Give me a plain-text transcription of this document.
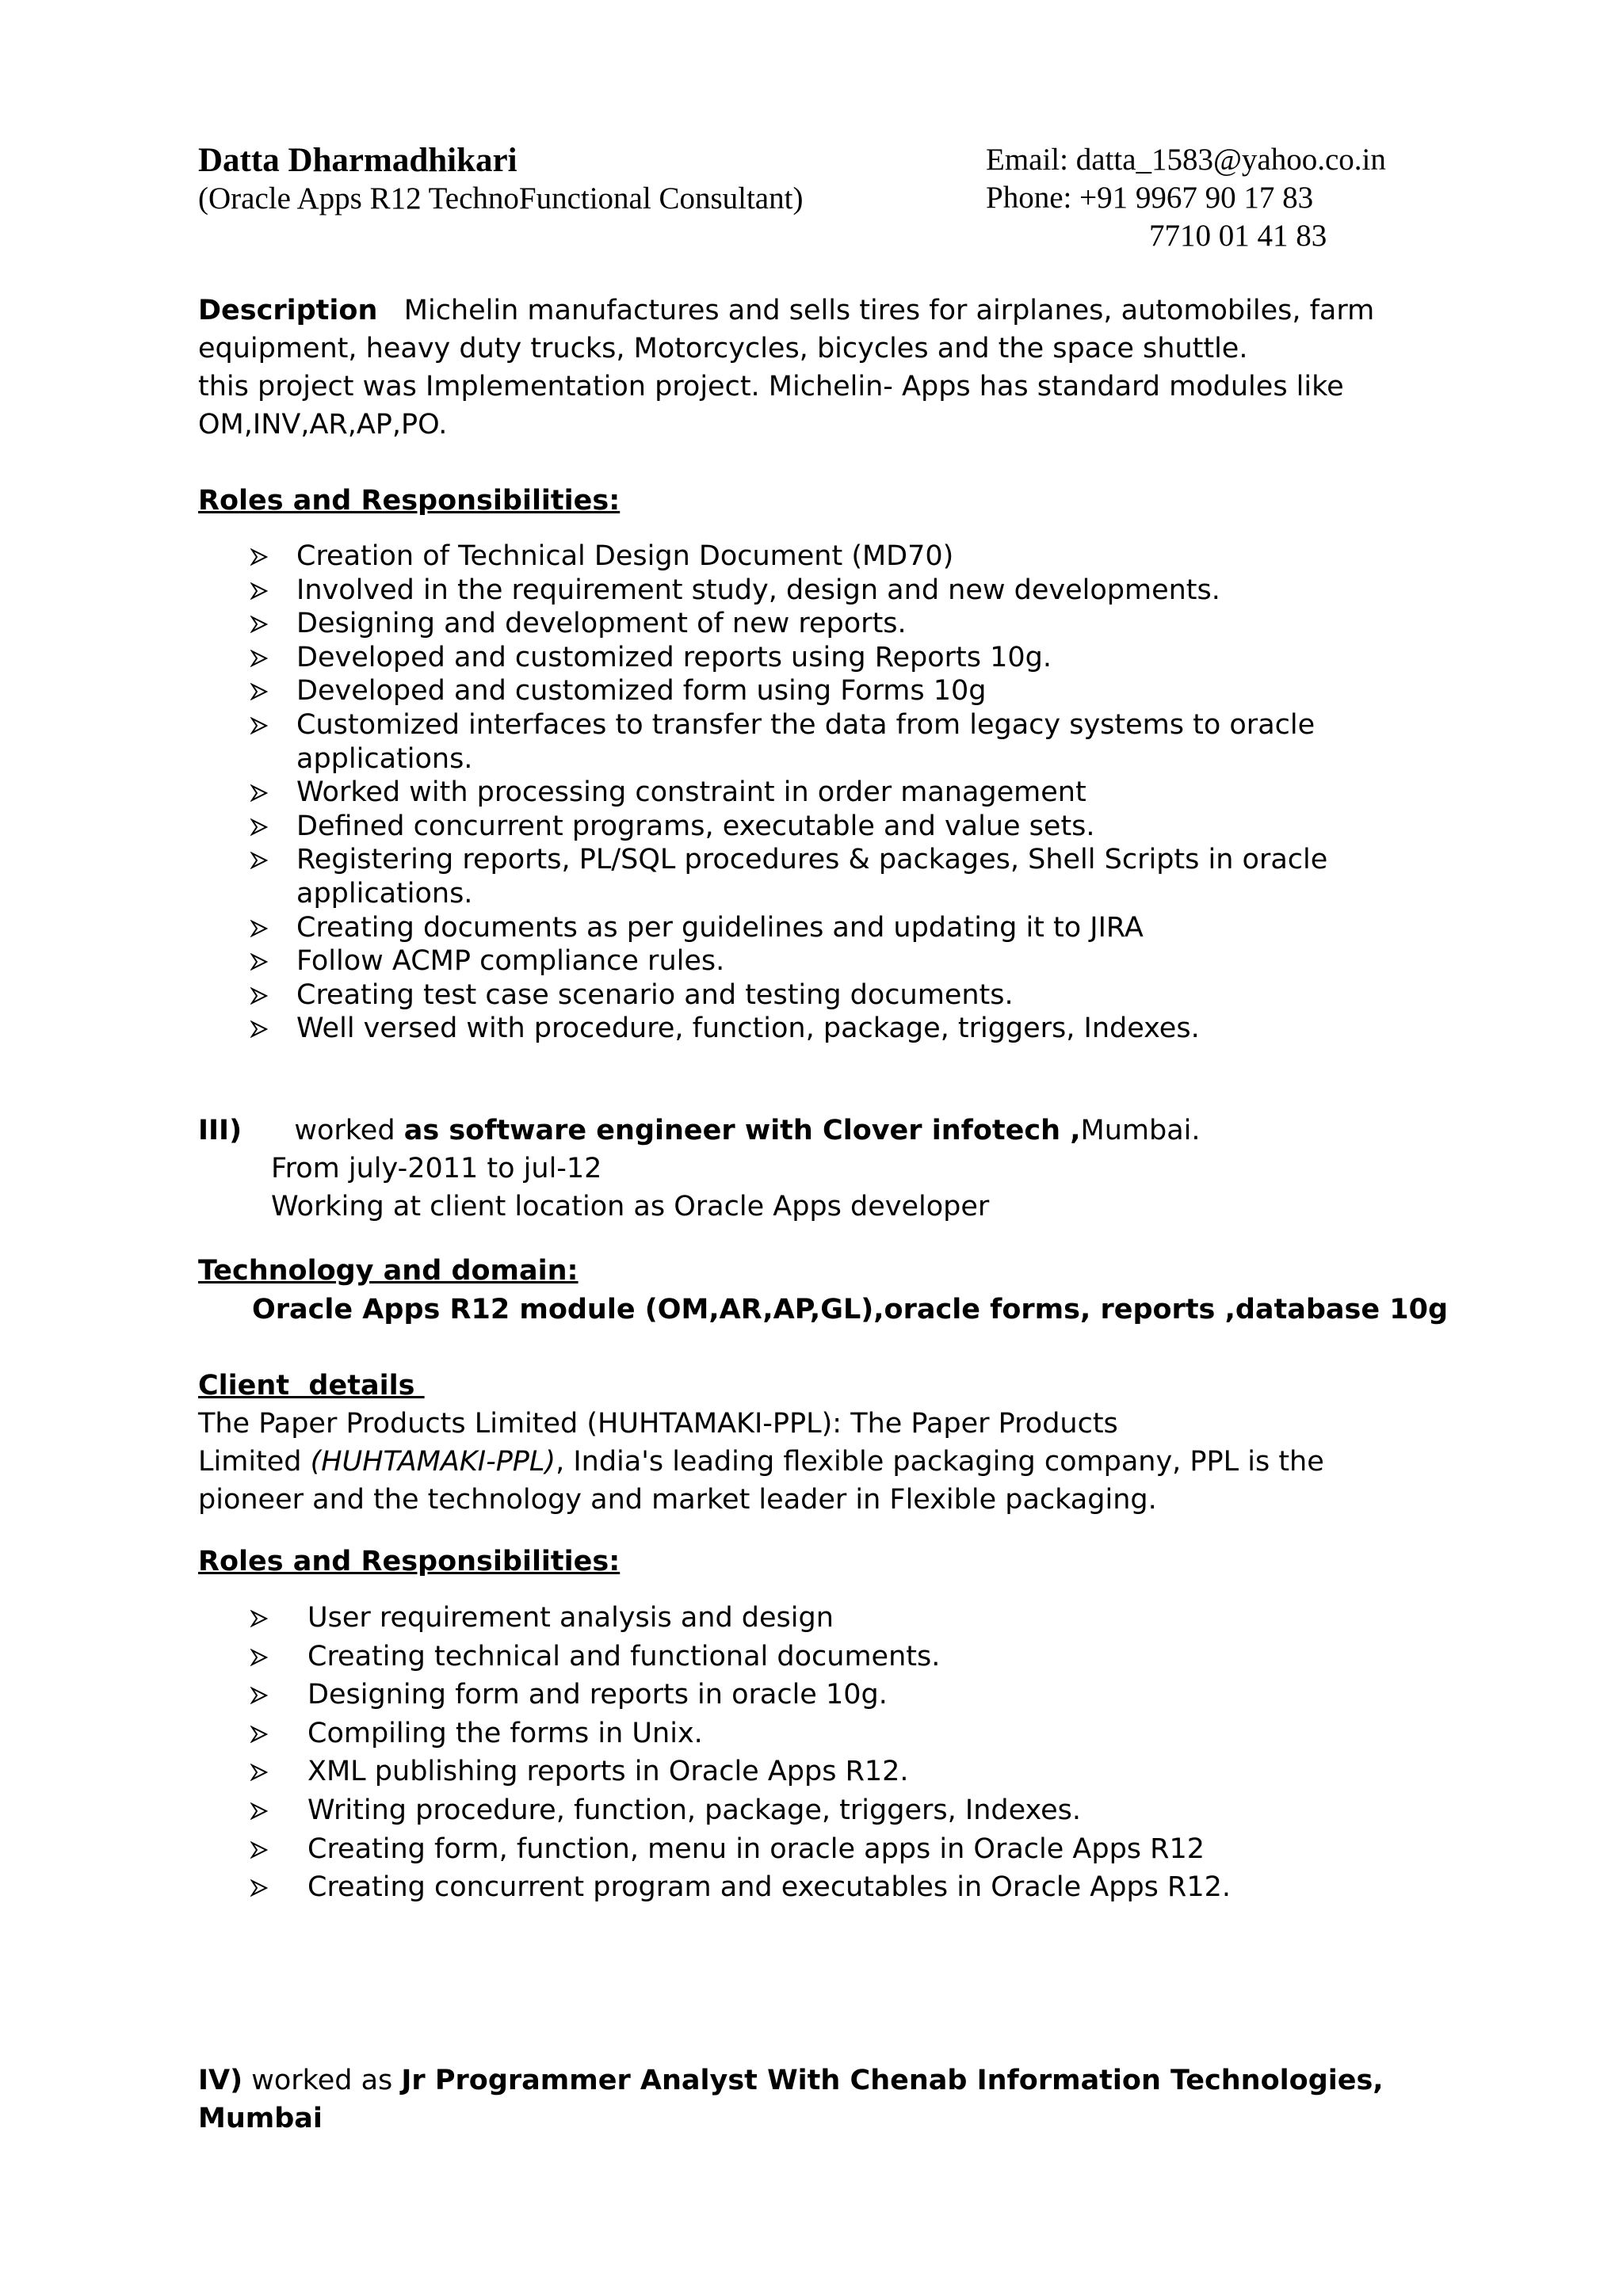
Datta Dharmadhikari
(Oracle Apps R12 TechnoFunctional Consultant)
Email: datta_1583@yahoo.co.in
Phone: +91 9967 90 17 83
7710 01 41 83
Description Michelin manufactures and sells tires for airplanes, automobiles, farm
equipment, heavy duty trucks, Motorcycles, bicycles and the space shuttle.
this project was Implementation project. Michelin- Apps has standard modules like
OM,INV,AR,AP,PO.
Roles and Responsibilities:
Creation of Technical Design Document (MD70)
Involved in the requirement study, design and new developments.
Designing and development of new reports.
Developed and customized reports using Reports 10g.
Developed and customized form using Forms 10g
Customized interfaces to transfer the data from legacy systems to oracle
applications.
Worked with processing constraint in order management
Defined concurrent programs, executable and value sets.
Registering reports, PL/SQL procedures & packages, Shell Scripts in oracle
applications.
Creating documents as per guidelines and updating it to JIRA
Follow ACMP compliance rules.
Creating test case scenario and testing documents.
Well versed with procedure, function, package, triggers, Indexes.
III) worked as software engineer with Clover infotech ,Mumbai.
From july-2011 to jul-12
Working at client location as Oracle Apps developer
Technology and domain:
Oracle Apps R12 module (OM,AR,AP,GL),oracle forms, reports ,database 10g
Client  details
The Paper Products Limited (HUHTAMAKI-PPL): The Paper Products
Limited (HUHTAMAKI-PPL), India's leading flexible packaging company, PPL is the
pioneer and the technology and market leader in Flexible packaging.
Roles and Responsibilities:
User requirement analysis and design
Creating technical and functional documents.
Designing form and reports in oracle 10g.
Compiling the forms in Unix.
XML publishing reports in Oracle Apps R12.
Writing procedure, function, package, triggers, Indexes.
Creating form, function, menu in oracle apps in Oracle Apps R12
Creating concurrent program and executables in Oracle Apps R12.
IV) worked as Jr Programmer Analyst With Chenab Information Technologies, Mumbai
